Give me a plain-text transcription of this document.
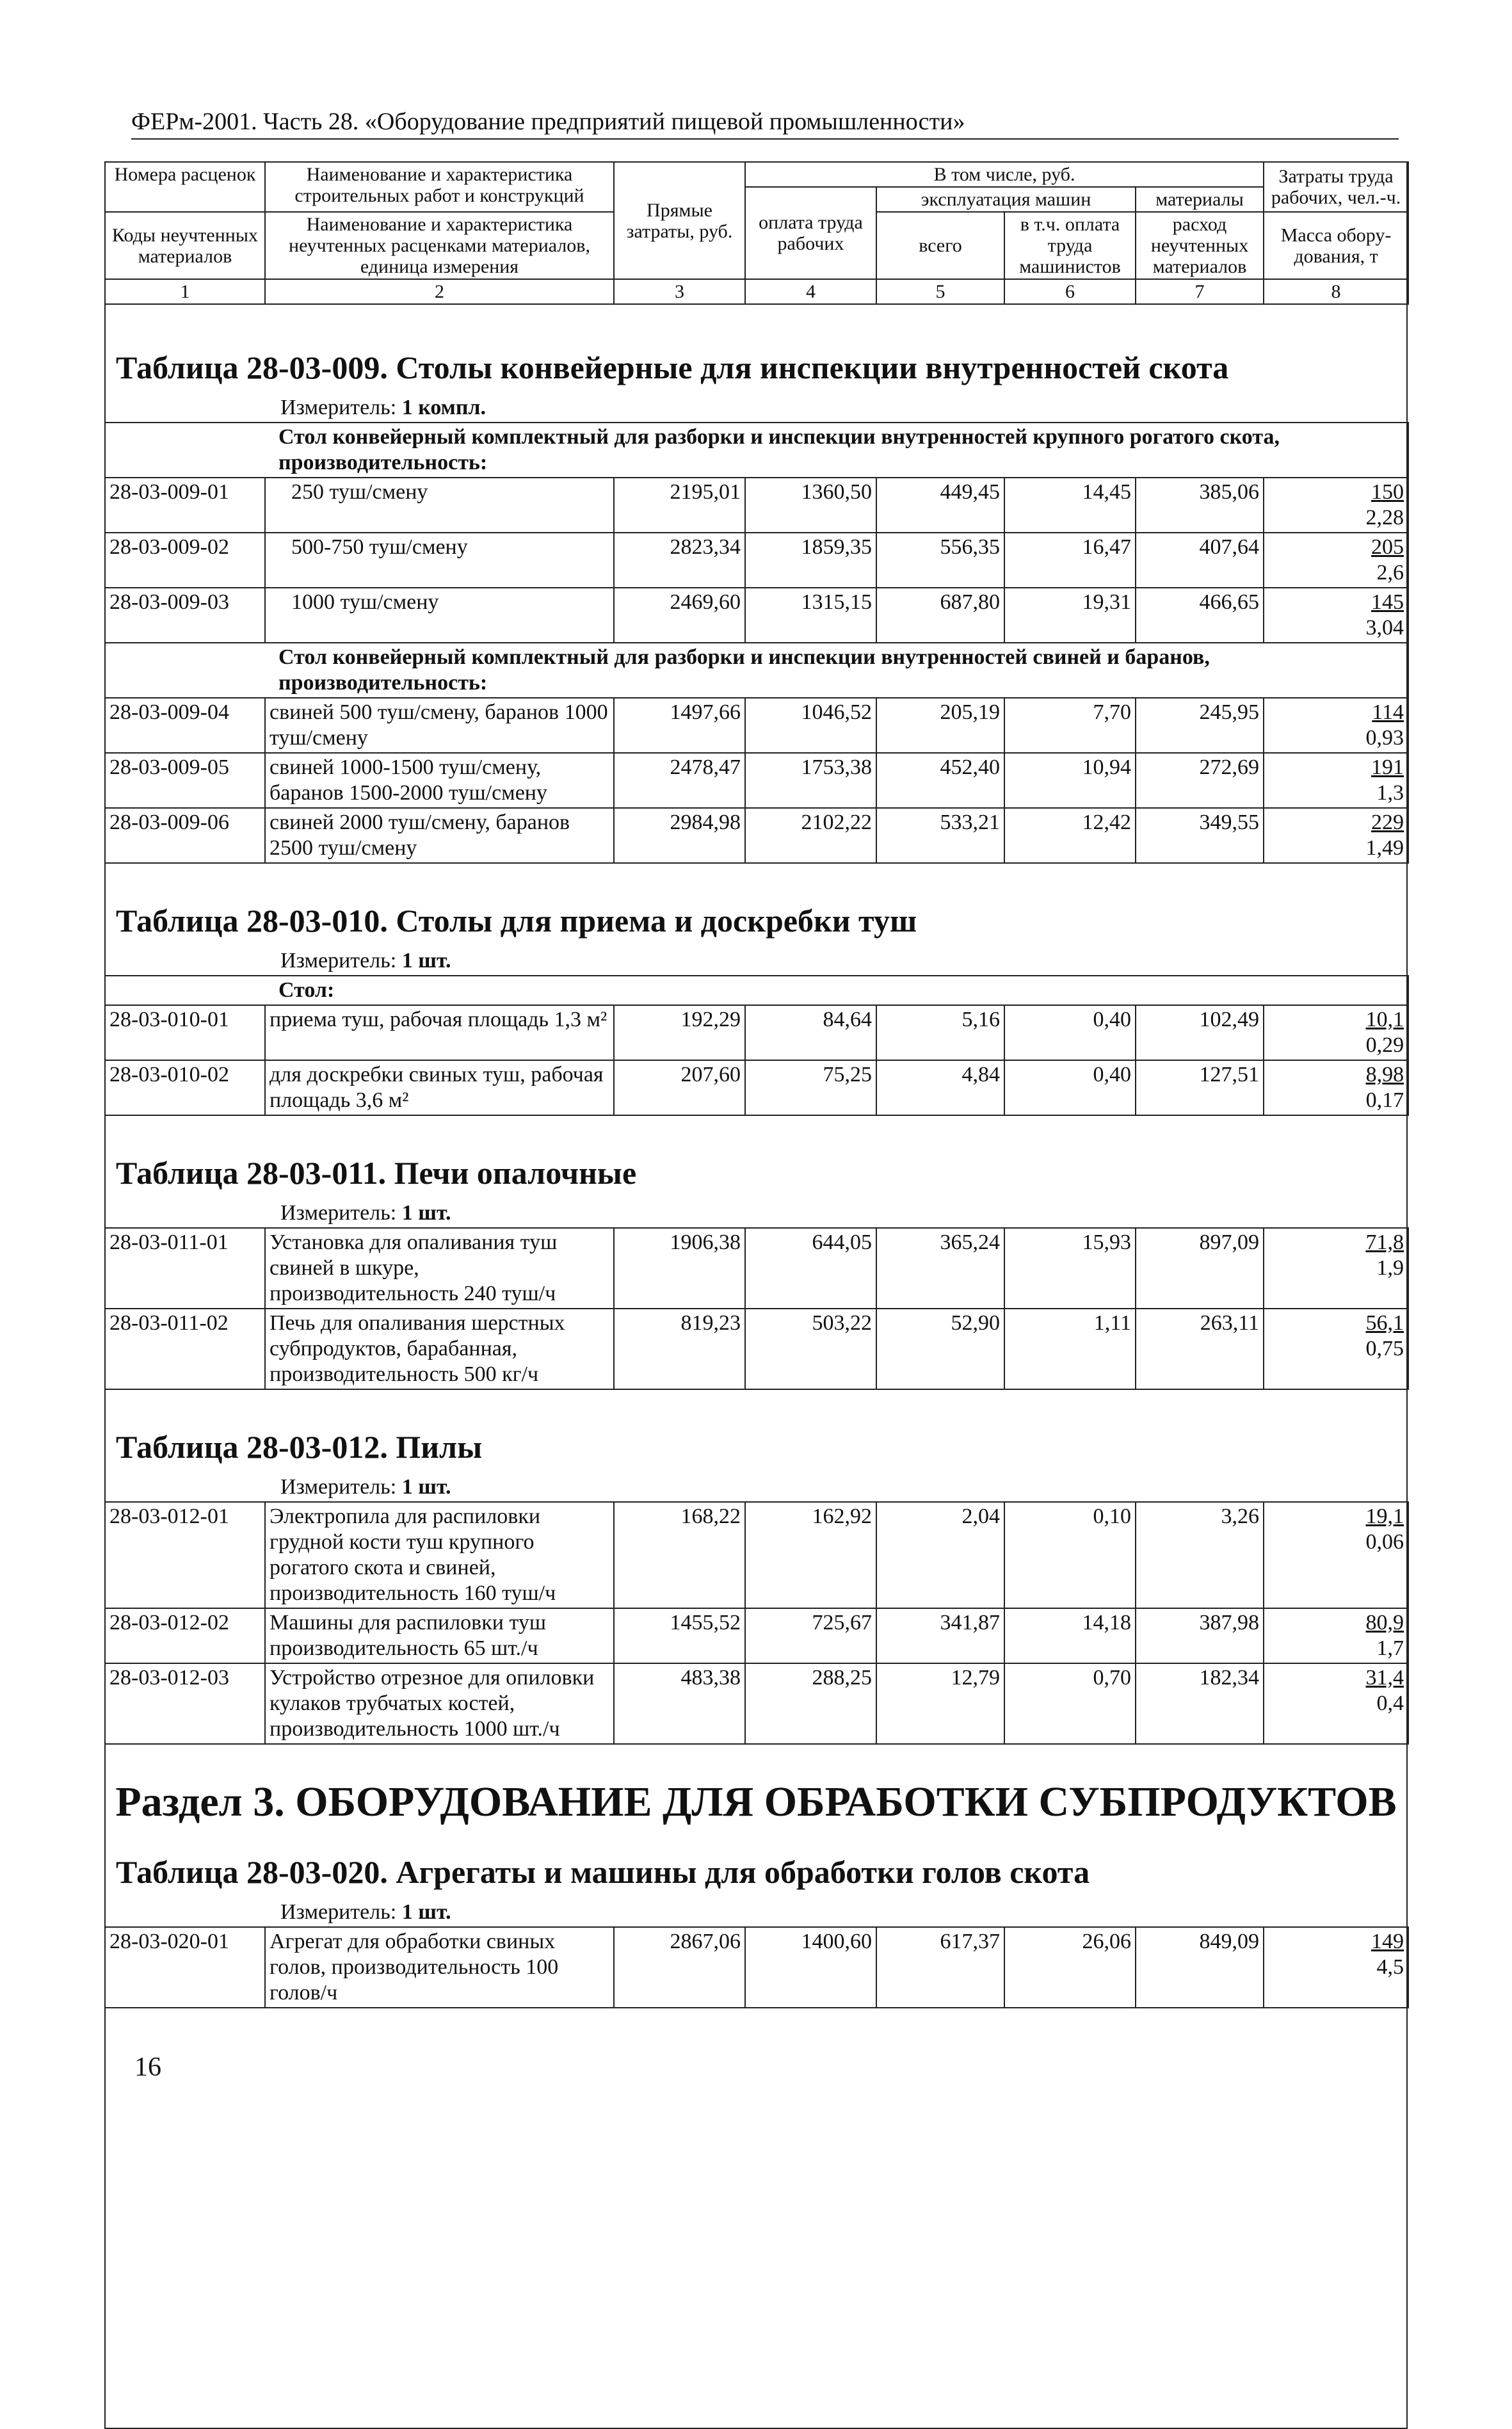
ФЕРм-2001. Часть 28. «Оборудование предприятий пищевой промышленности»
Номера расценок	Наименование и характеристика строительных работ и конструкций	Прямые затраты, руб.	В том числе, руб.				Затраты труда рабочих, чел.-ч.

			оплата труда рабочих	эксплуатация машин		материалы	
				всего	в т.ч. оплата труда машинистов	расход неучтенных материалов	
Коды неучтенных материалов	Наименование и характеристика неучтенных расценками материалов, единица измерения						Масса обору-дования, т
1	2	3	4	5	6	7	8
Таблица 28-03-009. Столы конвейерные для инспекции внутренностей скота
Измеритель: 1 компл.
Стол конвейерный комплектный для разборки и инспекции внутренностей крупного рогатого скота, производительность:							
28-03-009-01	250 туш/смену	2195,01	1360,50	449,45	14,45	385,06	150
2,28
28-03-009-02	500-750 туш/смену	2823,34	1859,35	556,35	16,47	407,64	205
2,6
28-03-009-03	1000 туш/смену	2469,60	1315,15	687,80	19,31	466,65	145
3,04
Стол конвейерный комплектный для разборки и инспекции внутренностей свиней и баранов, производительность:							
28-03-009-04	свиней 500 туш/смену, баранов 1000 туш/смену	1497,66	1046,52	205,19	7,70	245,95	114
0,93
28-03-009-05	свиней 1000-1500 туш/смену, баранов 1500-2000 туш/смену	2478,47	1753,38	452,40	10,94	272,69	191
1,3
28-03-009-06	свиней 2000 туш/смену, баранов 2500 туш/смену	2984,98	2102,22	533,21	12,42	349,55	229
1,49
Таблица 28-03-010. Столы для приема и доскребки туш
Измеритель: 1 шт.
Стол:							
28-03-010-01	приема туш, рабочая площадь 1,3 м²	192,29	84,64	5,16	0,40	102,49	10,1
0,29
28-03-010-02	для доскребки свиных туш, рабочая площадь 3,6 м²	207,60	75,25	4,84	0,40	127,51	8,98
0,17
Таблица 28-03-011. Печи опалочные
Измеритель: 1 шт.
28-03-011-01	Установка для опаливания туш свиней в шкуре, производительность 240 туш/ч	1906,38	644,05	365,24	15,93	897,09	71,8
1,9
28-03-011-02	Печь для опаливания шерстных субпродуктов, барабанная, производительность 500 кг/ч	819,23	503,22	52,90	1,11	263,11	56,1
0,75
Таблица 28-03-012. Пилы
Измеритель: 1 шт.
28-03-012-01	Электропила для распиловки грудной кости туш крупного рогатого скота и свиней, производительность 160 туш/ч	168,22	162,92	2,04	0,10	3,26	19,1
0,06
28-03-012-02	Машины для распиловки туш производительность 65 шт./ч	1455,52	725,67	341,87	14,18	387,98	80,9
1,7
28-03-012-03	Устройство отрезное для опиловки кулаков трубчатых костей, производительность 1000 шт./ч	483,38	288,25	12,79	0,70	182,34	31,4
0,4
Раздел 3. ОБОРУДОВАНИЕ ДЛЯ ОБРАБОТКИ СУБПРОДУКТОВ
Таблица 28-03-020. Агрегаты и машины для обработки голов скота
Измеритель: 1 шт.
28-03-020-01	Агрегат для обработки свиных голов, производительность 100 голов/ч	2867,06	1400,60	617,37	26,06	849,09	149
4,5
16
